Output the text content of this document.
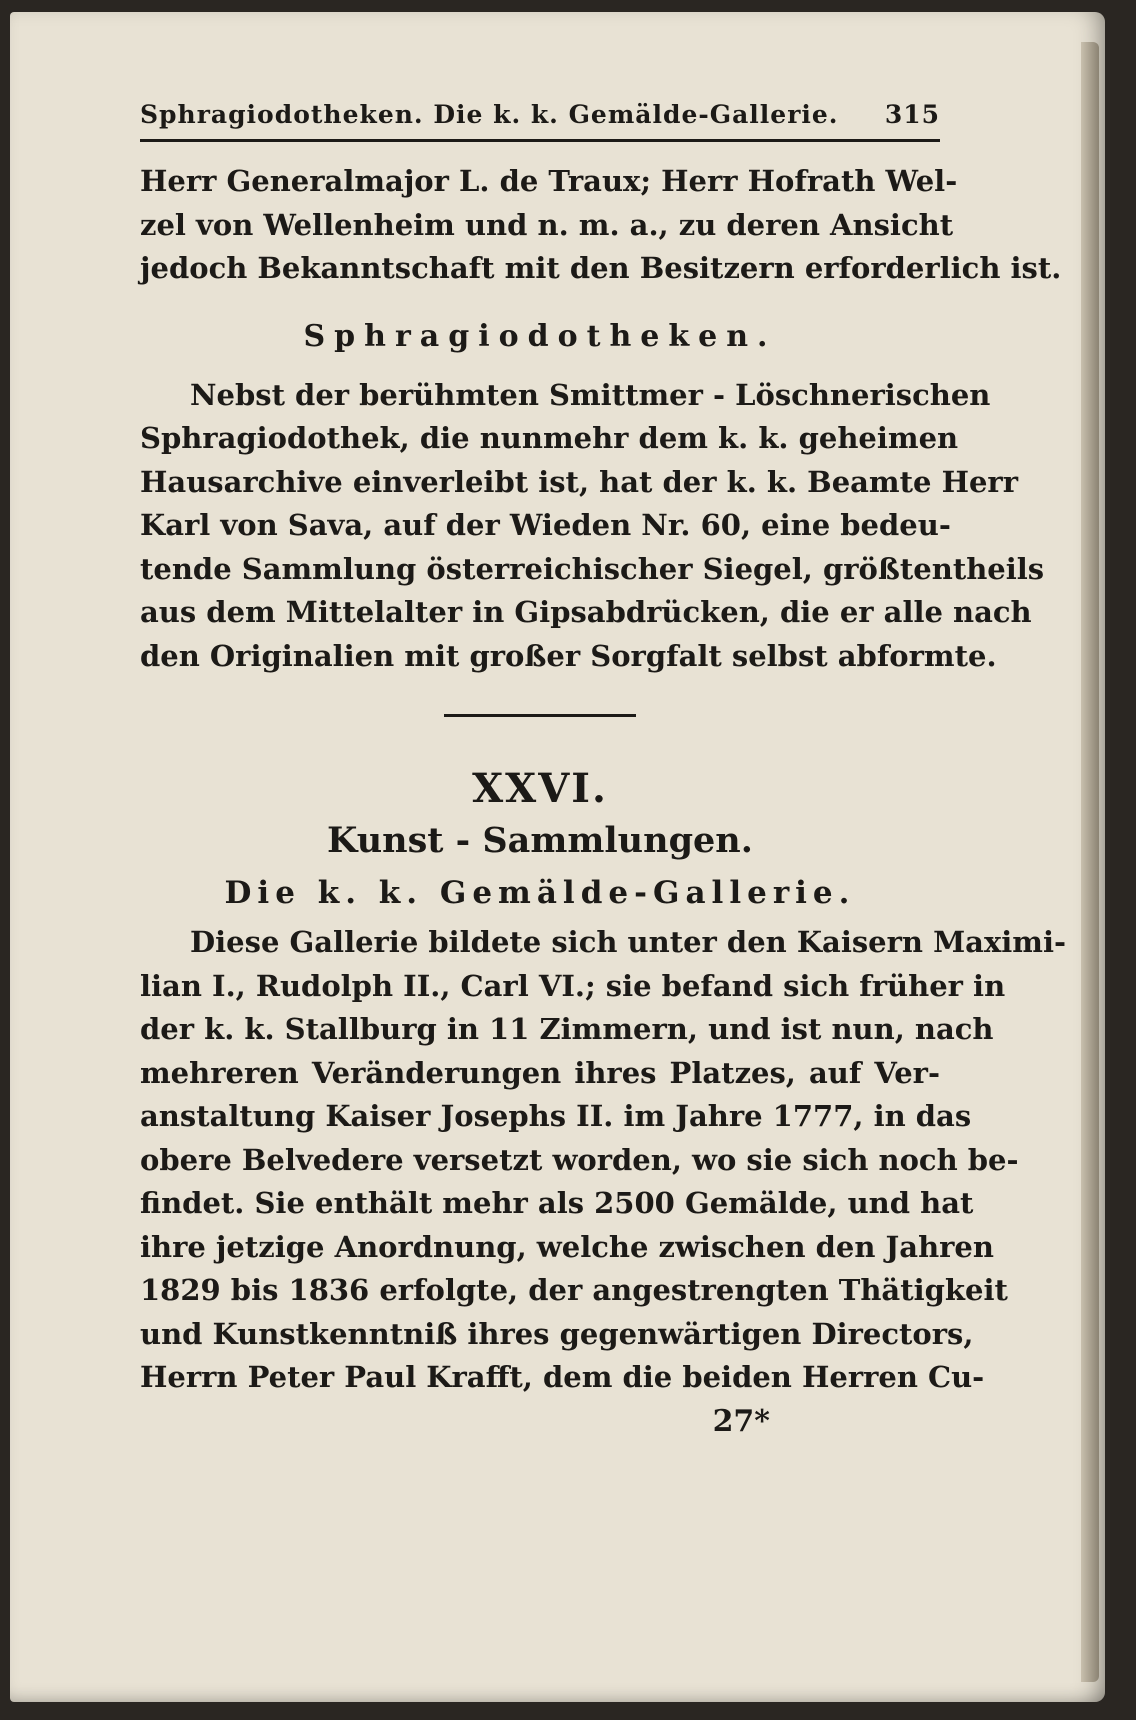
Sphragiodotheken. Die k. k. Gemälde-Gallerie. 315

Herr Generalmajor L. de Traux; Herr Hofrath Wel-
zel von Wellenheim und n. m. a., zu deren Ansicht
jedoch Bekanntschaft mit den Besitzern erforderlich ist.

Sphragiodotheken.

Nebst der berühmten Smittmer - Löschnerischen
Sphragiodothek, die nunmehr dem k. k. geheimen
Hausarchive einverleibt ist, hat der k. k. Beamte Herr
Karl von Sava, auf der Wieden Nr. 60, eine bedeu-
tende Sammlung österreichischer Siegel, größtentheils
aus dem Mittelalter in Gipsabdrücken, die er alle nach
den Originalien mit großer Sorgfalt selbst abformte.

XXVI.
Kunst - Sammlungen.
Die k. k. Gemälde-Gallerie.

Diese Gallerie bildete sich unter den Kaisern Maximi-
lian I., Rudolph II., Carl VI.; sie befand sich früher in
der k. k. Stallburg in 11 Zimmern, und ist nun, nach
mehreren Veränderungen ihres Platzes, auf Ver-
anstaltung Kaiser Josephs II. im Jahre 1777, in das
obere Belvedere versetzt worden, wo sie sich noch be-
findet. Sie enthält mehr als 2500 Gemälde, und hat
ihre jetzige Anordnung, welche zwischen den Jahren
1829 bis 1836 erfolgte, der angestrengten Thätigkeit
und Kunstkenntniß ihres gegenwärtigen Directors,
Herrn Peter Paul Krafft, dem die beiden Herren Cu-

27*
